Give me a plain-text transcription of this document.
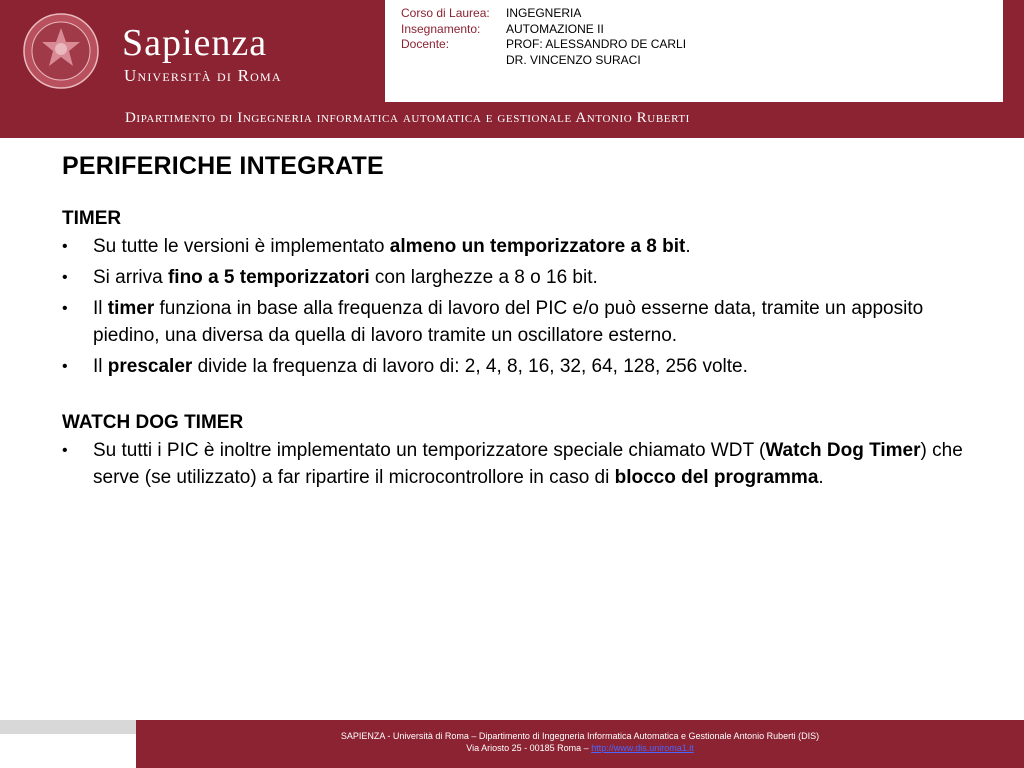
Sapienza
Università di Roma
Corso di Laurea:	INGEGNERIA
Insegnamento:	AUTOMAZIONE II
Docente:	PROF: ALESSANDRO DE CARLI
DR. VINCENZO SURACI
Dipartimento di Ingegneria informatica automatica e gestionale Antonio Ruberti
PERIFERICHE INTEGRATE

TIMER

• Su tutte le versioni è implementato almeno un temporizzatore a 8 bit.
• Si arriva fino a 5 temporizzatori con larghezze a 8 o 16 bit.
• Il timer funziona in base alla frequenza di lavoro del PIC e/o può esserne data, tramite un apposito piedino, una diversa da quella di lavoro tramite un oscillatore esterno.
• Il prescaler divide la frequenza di lavoro di: 2, 4, 8, 16, 32, 64, 128, 256 volte.

WATCH DOG TIMER

• Su tutti i PIC è inoltre implementato un temporizzatore speciale chiamato WDT (Watch Dog Timer) che serve (se utilizzato) a far ripartire il microcontrollore in caso di blocco del programma.
SAPIENZA - Università di Roma – Dipartimento di Ingegneria Informatica Automatica e Gestionale Antonio Ruberti (DIS)
Via Ariosto 25 - 00185 Roma – http://www.dis.uniroma1.it
